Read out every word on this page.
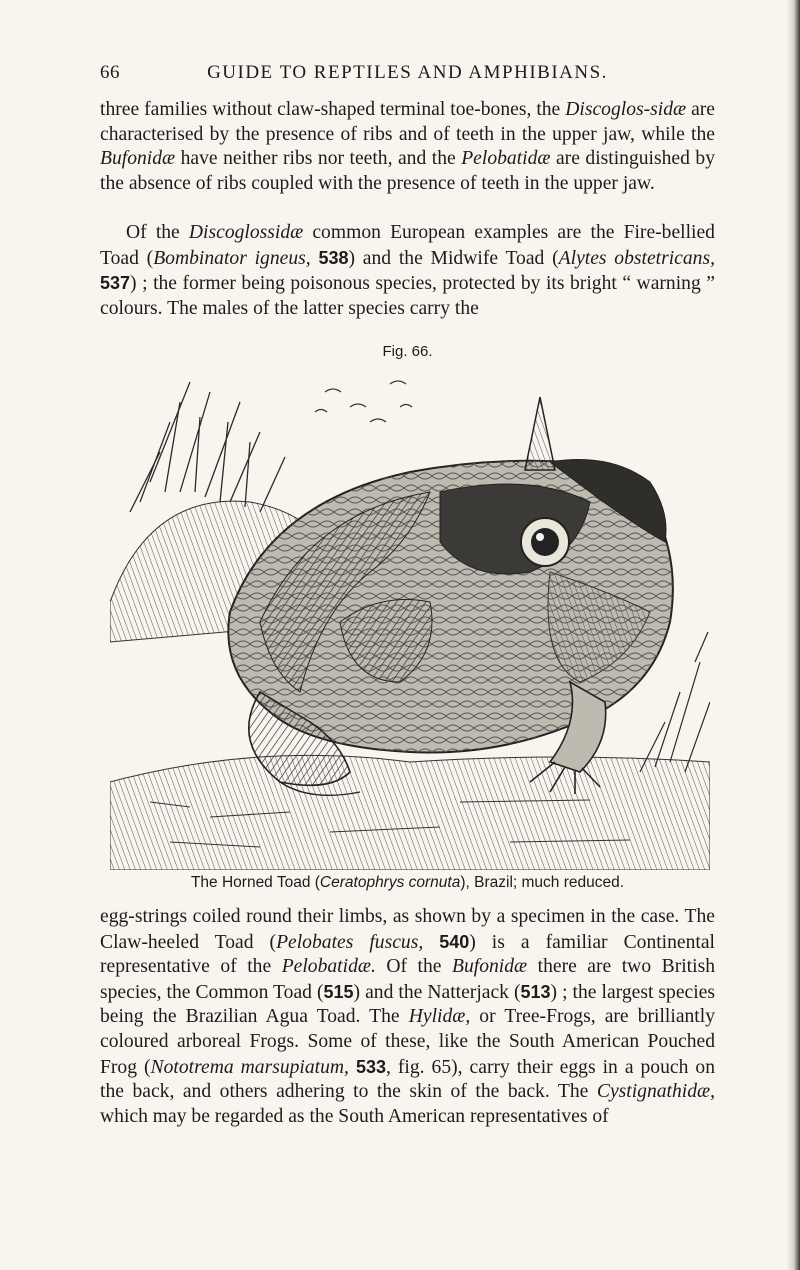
66	GUIDE TO REPTILES AND AMPHIBIANS.
three families without claw-shaped terminal toe-bones, the Discoglos-sidæ are characterised by the presence of ribs and of teeth in the upper jaw, while the Bufonidæ have neither ribs nor teeth, and the Pelobatidæ are distinguished by the absence of ribs coupled with the presence of teeth in the upper jaw.
Of the Discoglossidæ common European examples are the Fire-bellied Toad (Bombinator igneus, 538) and the Midwife Toad (Alytes obstetricans, 537) ; the former being poisonous species, protected by its bright “ warning ” colours. The males of the latter species carry the
Fig. 66.
The Horned Toad (Ceratophrys cornuta), Brazil; much reduced.
egg-strings coiled round their limbs, as shown by a specimen in the case. The Claw-heeled Toad (Pelobates fuscus, 540) is a familiar Continental representative of the Pelobatidæ. Of the Bufonidæ there are two British species, the Common Toad (515) and the Natterjack (513) ; the largest species being the Brazilian Agua Toad. The Hylidæ, or Tree-Frogs, are brilliantly coloured arboreal Frogs. Some of these, like the South American Pouched Frog (Nototrema marsupiatum, 533, fig. 65), carry their eggs in a pouch on the back, and others adhering to the skin of the back. The Cystignathidæ, which may be regarded as the South American representatives of
